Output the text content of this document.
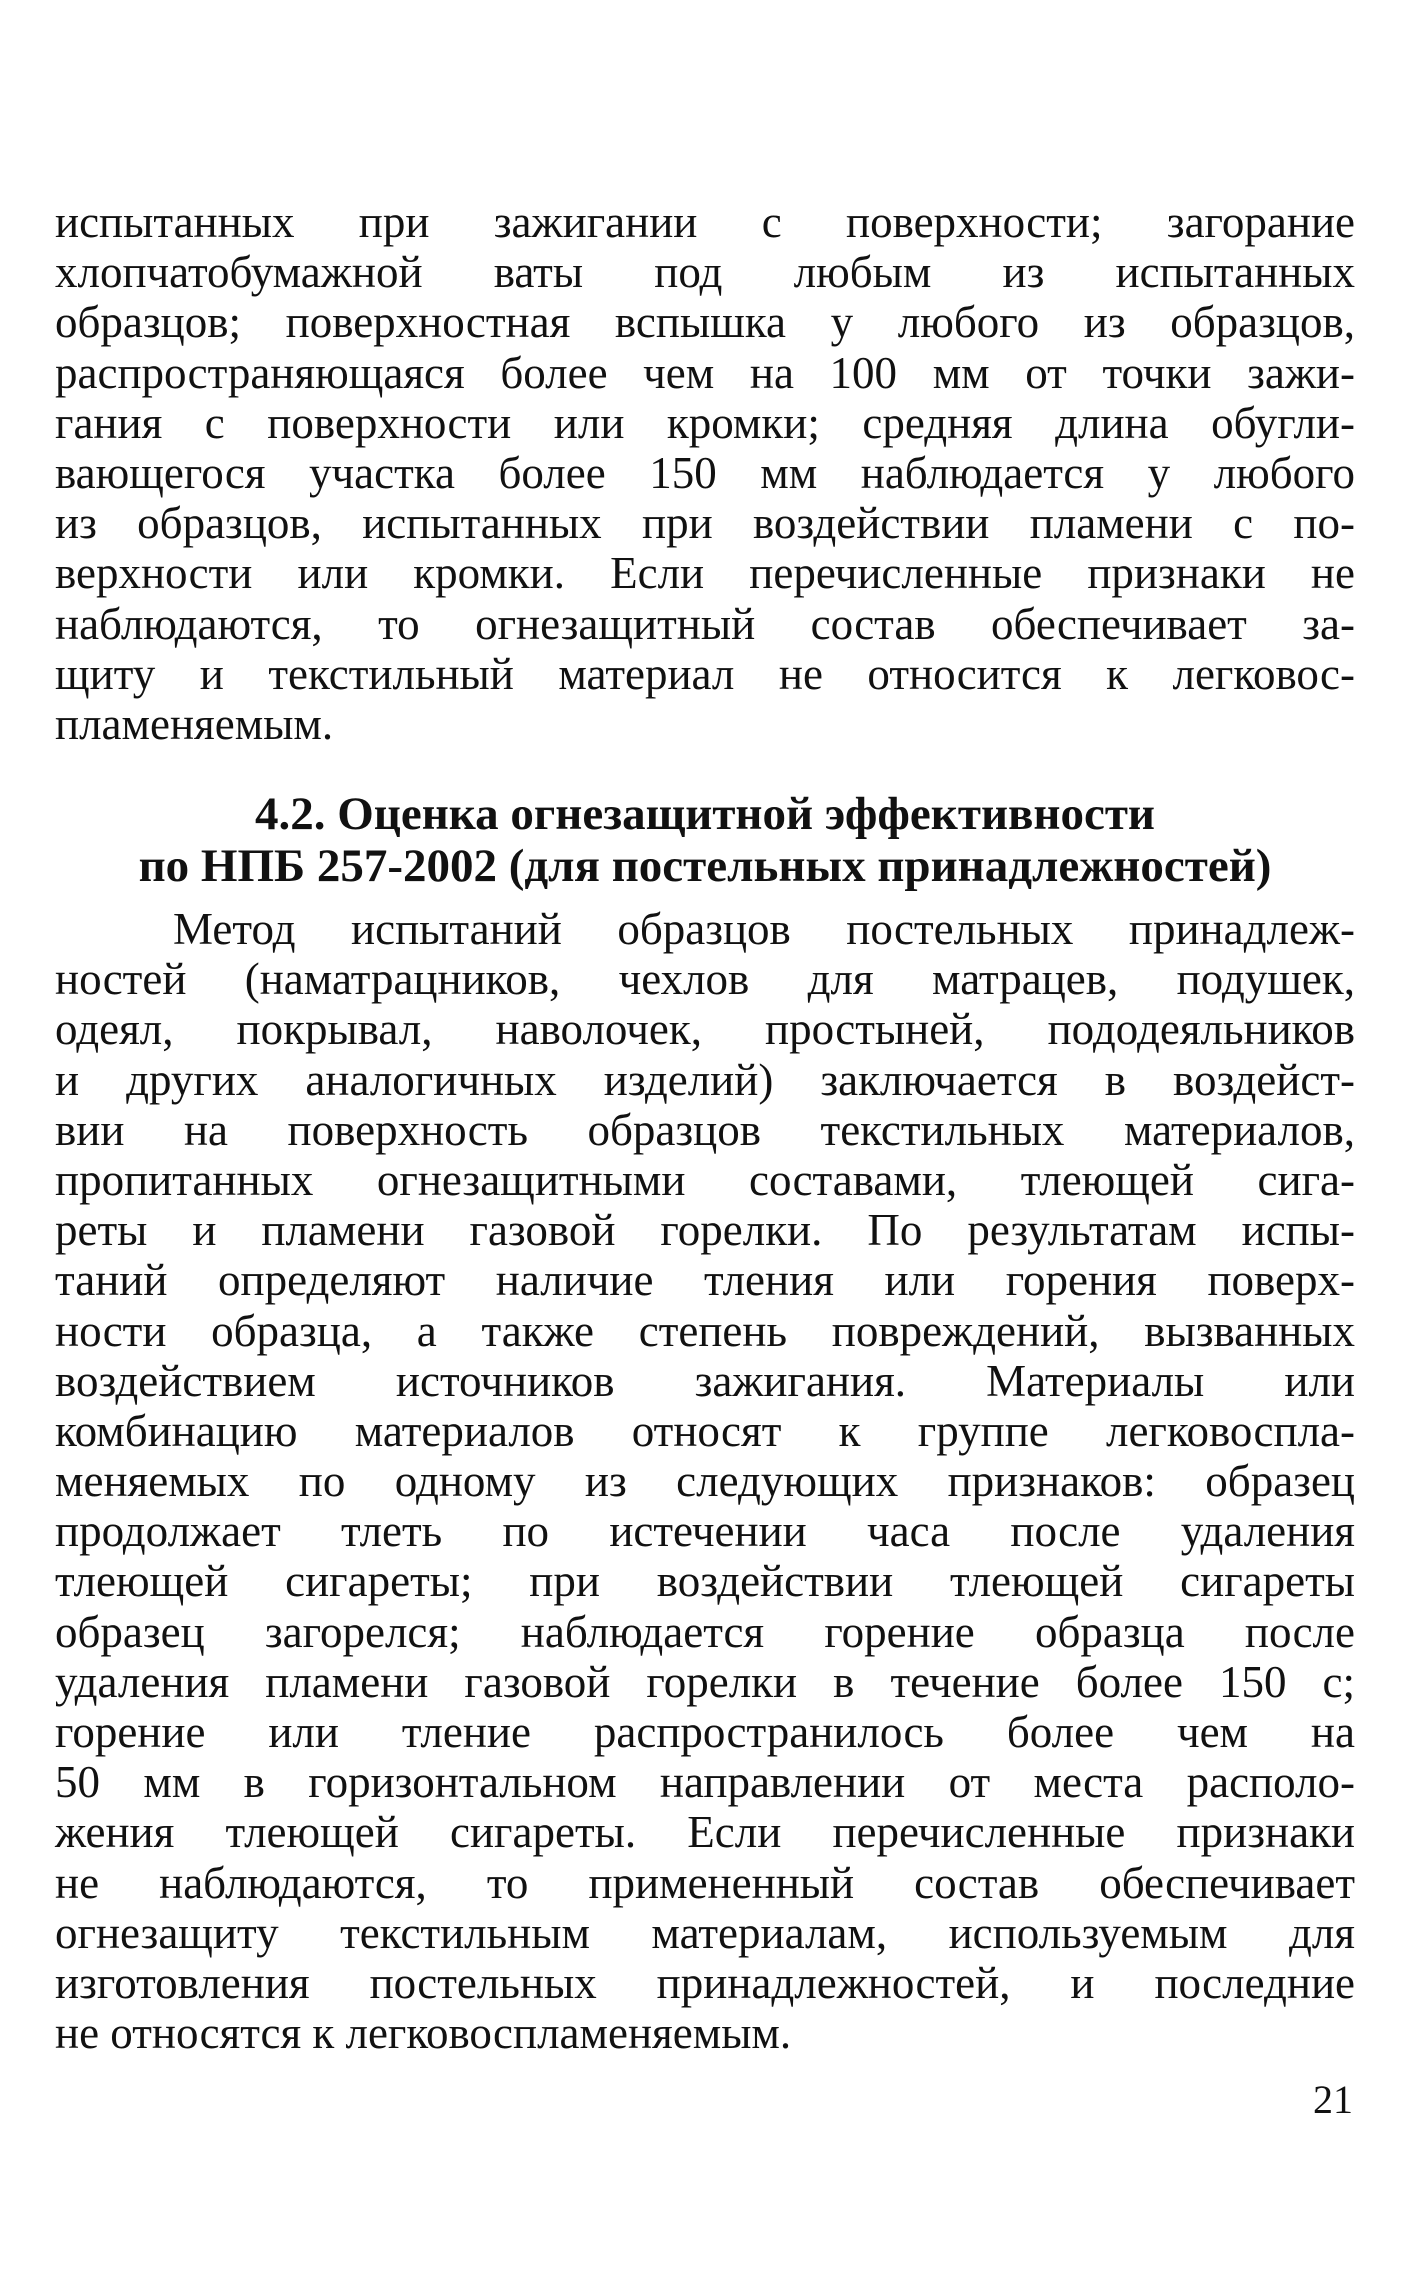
испытанных при зажигании с поверхности; загорание
хлопчатобумажной ваты под любым из испытанных
образцов; поверхностная вспышка у любого из образцов,
распространяющаяся более чем на 100 мм от точки зажи-
гания с поверхности или кромки; средняя длина обугли-
вающегося участка более 150 мм наблюдается у любого
из образцов, испытанных при воздействии пламени с по-
верхности или кромки. Если перечисленные признаки не
наблюдаются, то огнезащитный состав обеспечивает за-
щиту и текстильный материал не относится к легковос-
пламеняемым.
4.2. Оценка огнезащитной эффективности
по НПБ 257-2002 (для постельных принадлежностей)
Метод испытаний образцов постельных принадлеж-
ностей (наматрацников, чехлов для матрацев, подушек,
одеял, покрывал, наволочек, простыней, пододеяльников
и других аналогичных изделий) заключается в воздейст-
вии на поверхность образцов текстильных материалов,
пропитанных огнезащитными составами, тлеющей сига-
реты и пламени газовой горелки. По результатам испы-
таний определяют наличие тления или горения поверх-
ности образца, а также степень повреждений, вызванных
воздействием источников зажигания. Материалы или
комбинацию материалов относят к группе легковоспла-
меняемых по одному из следующих признаков: образец
продолжает тлеть по истечении часа после удаления
тлеющей сигареты; при воздействии тлеющей сигареты
образец загорелся; наблюдается горение образца после
удаления пламени газовой горелки в течение более 150 с;
горение или тление распространилось более чем на
50 мм в горизонтальном направлении от места располо-
жения тлеющей сигареты. Если перечисленные признаки
не наблюдаются, то примененный состав обеспечивает
огнезащиту текстильным материалам, используемым для
изготовления постельных принадлежностей, и последние
не относятся к легковоспламеняемым.
21
